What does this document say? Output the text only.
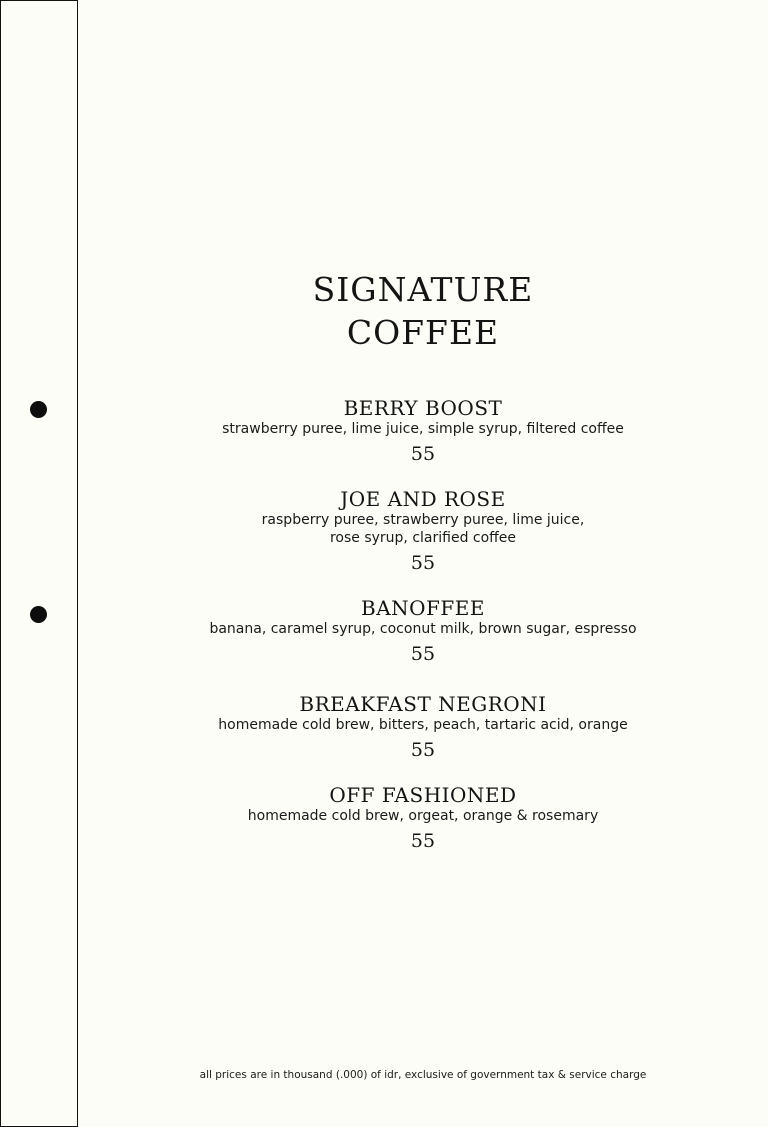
SIGNATURE
COFFEE
BERRY BOOST
strawberry puree, lime juice, simple syrup, filtered coffee
55
JOE AND ROSE
raspberry puree, strawberry puree, lime juice,
rose syrup, clarified coffee
55
BANOFFEE
banana, caramel syrup, coconut milk, brown sugar, espresso
55
BREAKFAST NEGRONI
homemade cold brew, bitters, peach, tartaric acid, orange
55
OFF FASHIONED
homemade cold brew, orgeat, orange & rosemary
55
all prices are in thousand (.000) of idr, exclusive of government tax & service charge
